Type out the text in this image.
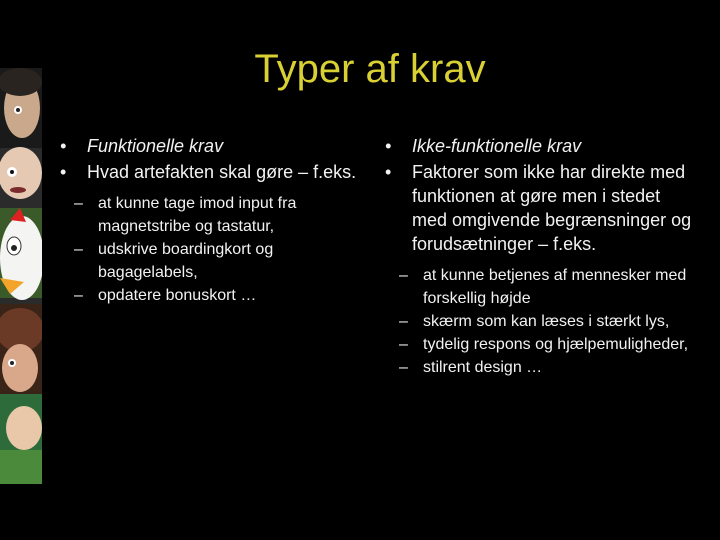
Typer af krav
• Funktionelle krav
• Hvad artefakten skal gøre – f.eks.
– at kunne tage imod input fra magnetstribe og tastatur,
– udskrive boardingkort og bagagelabels,
– opdatere bonuskort …
• Ikke-funktionelle krav
• Faktorer som ikke har direkte med funktionen at gøre men i stedet med omgivende begrænsninger og forudsætninger – f.eks.
– at kunne betjenes af mennesker med forskellig højde
– skærm som kan læses i stærkt lys,
– tydelig respons og hjælpemuligheder,
– stilrent design …
